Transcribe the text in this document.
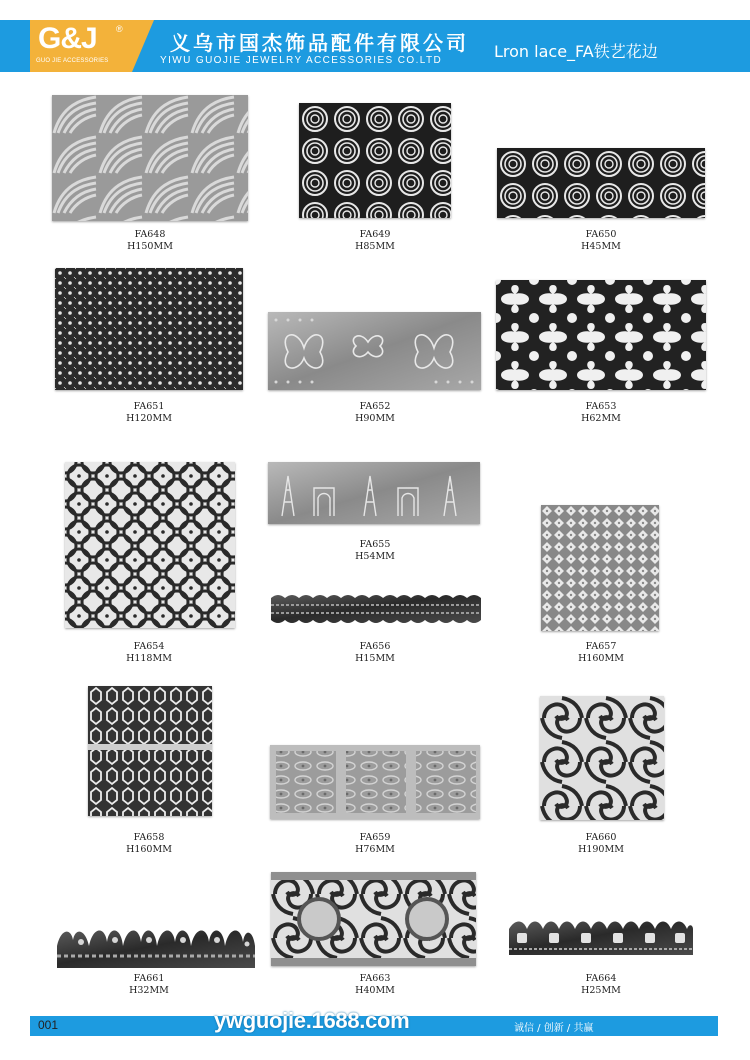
G&J ®
GUO JIE ACCESSORIES
义乌市国杰饰品配件有限公司
YIWU GUOJIE JEWELRY ACCESSORIES CO.LTD	Lron lace_FA铁艺花边
FA648
H150MM
FA649
H85MM
FA650
H45MM
FA651
H120MM
FA652
H90MM
FA653
H62MM
FA654
H118MM
FA655
H54MM
FA656
H15MM
FA657
H160MM
FA658
H160MM
FA659
H76MM
FA660
H190MM
FA661
H32MM
FA663
H40MM
FA664
H25MM
001	ywguojie.1688.com	诚信 / 创新 / 共赢
